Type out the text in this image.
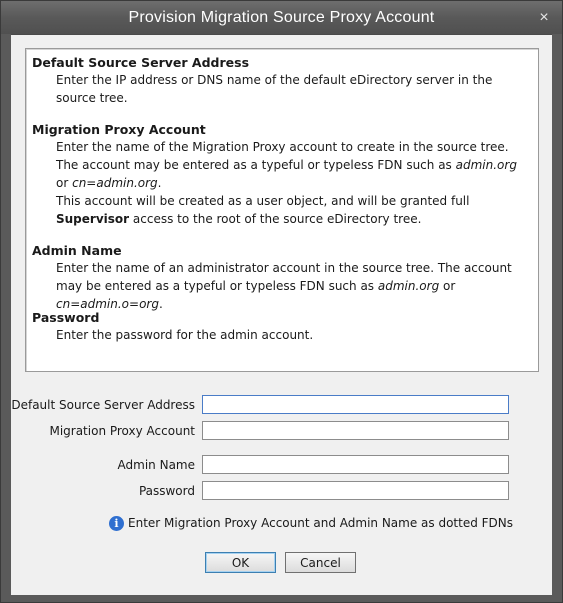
Provision Migration Source Proxy Account	×
Default Source Server Address
Enter the IP address or DNS name of the default eDirectory server in the source tree.
Migration Proxy Account
Enter the name of the Migration Proxy account to create in the source tree. The account may be entered as a typeful or typeless FDN such as admin.org or cn=admin.org.
This account will be created as a user object, and will be granted full Supervisor access to the root of the source eDirectory tree.
Admin Name
Enter the name of an administrator account in the source tree. The account may be entered as a typeful or typeless FDN such as admin.org or cn=admin.o=org.
Password
Enter the password for the admin account.
Default Source Server Address
Migration Proxy Account
Admin Name
Password
i Enter Migration Proxy Account and Admin Name as dotted FDNs
OK	Cancel
